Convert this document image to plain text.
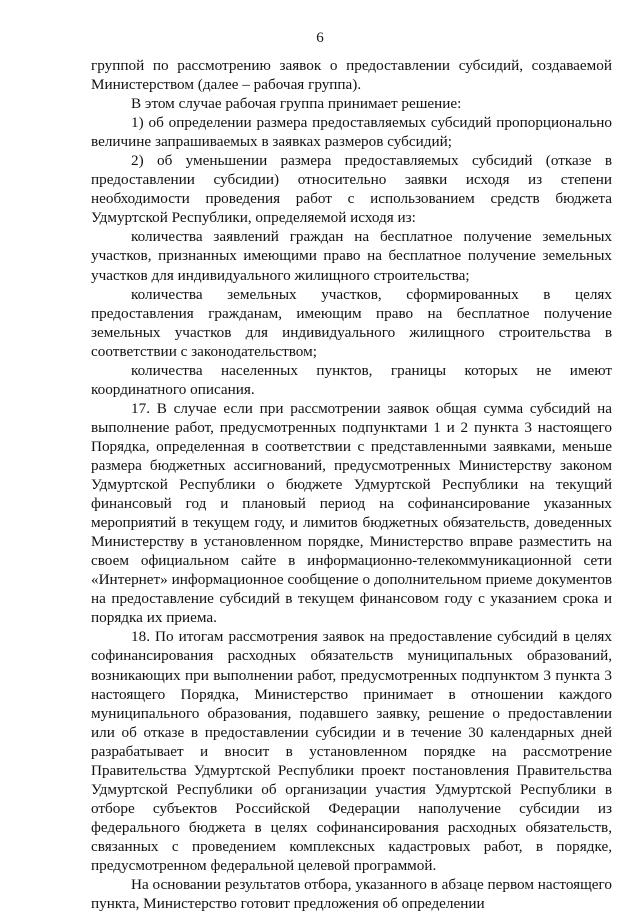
6

группой по рассмотрению заявок о предоставлении субсидий, создаваемой Министерством (далее – рабочая группа).

В этом случае рабочая группа принимает решение:

1) об определении размера предоставляемых субсидий пропорционально величине запрашиваемых в заявках размеров субсидий;

2) об уменьшении размера предоставляемых субсидий (отказе в предоставлении субсидии) относительно заявки исходя из степени необходимости проведения работ с использованием средств бюджета Удмуртской Республики, определяемой исходя из:

количества заявлений граждан на бесплатное получение земельных участков, признанных имеющими право на бесплатное получение земельных участков для индивидуального жилищного строительства;

количества земельных участков, сформированных в целях предоставления гражданам, имеющим право на бесплатное получение земельных участков для индивидуального жилищного строительства в соответствии с законодательством;

количества населенных пунктов, границы которых не имеют координатного описания.

17. В случае если при рассмотрении заявок общая сумма субсидий на выполнение работ, предусмотренных подпунктами 1 и 2 пункта 3 настоящего Порядка, определенная в соответствии с представленными заявками, меньше размера бюджетных ассигнований, предусмотренных Министерству законом Удмуртской Республики о бюджете Удмуртской Республики на текущий финансовый год и плановый период на софинансирование указанных мероприятий в текущем году, и лимитов бюджетных обязательств, доведенных Министерству в установленном порядке, Министерство вправе разместить на своем официальном сайте в информационно-телекоммуникационной сети «Интернет» информационное сообщение о дополнительном приеме документов на предоставление субсидий в текущем финансовом году с указанием срока и порядка их приема.

18. По итогам рассмотрения заявок на предоставление субсидий в целях софинансирования расходных обязательств муниципальных образований, возникающих при выполнении работ, предусмотренных подпунктом 3 пункта 3 настоящего Порядка, Министерство принимает в отношении каждого муниципального образования, подавшего заявку, решение о предоставлении или об отказе в предоставлении субсидии и в течение 30 календарных дней разрабатывает и вносит в установленном порядке на рассмотрение Правительства Удмуртской Республики проект постановления Правительства Удмуртской Республики об организации участия Удмуртской Республики в отборе субъектов Российской Федерации наполучение субсидии из федерального бюджета в целях софинансирования расходных обязательств, связанных с проведением комплексных кадастровых работ, в порядке, предусмотренном федеральной целевой программой.

На основании результатов отбора, указанного в абзаце первом настоящего пункта, Министерство готовит предложения об определении
